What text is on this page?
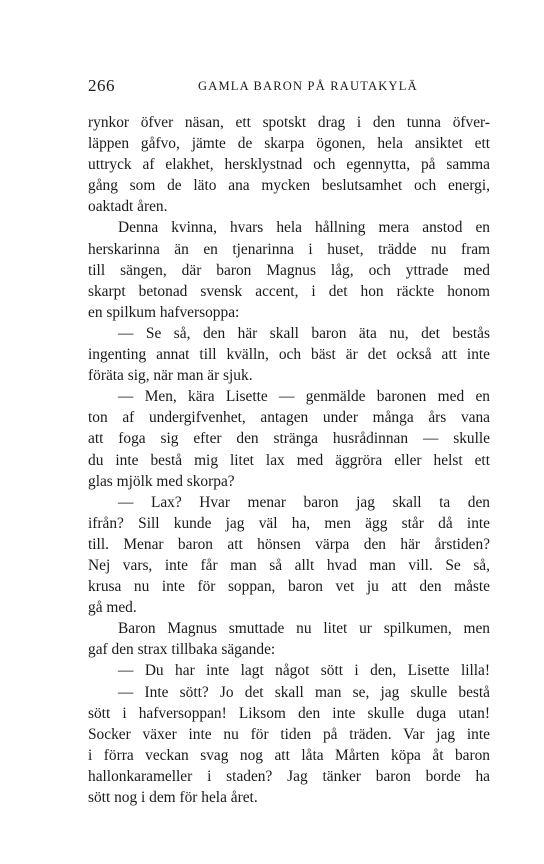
266	GAMLA BARON PÅ RAUTAKYLÄ
rynkor öfver näsan, ett spotskt drag i den tunna öfver-
läppen gåfvo, jämte de skarpa ögonen, hela ansiktet ett
uttryck af elakhet, hersklystnad och egennytta, på samma
gång som de läto ana mycken beslutsamhet och energi,
oaktadt åren.
Denna kvinna, hvars hela hållning mera anstod en
herskarinna än en tjenarinna i huset, trädde nu fram
till sängen, där baron Magnus låg, och yttrade med
skarpt betonad svensk accent, i det hon räckte honom
en spilkum hafversoppa:
— Se så, den här skall baron äta nu, det bestås
ingenting annat till kvälln, och bäst är det också att inte
föräta sig, när man är sjuk.
— Men, kära Lisette — genmälde baronen med en
ton af undergifvenhet, antagen under många års vana
att foga sig efter den stränga husrådinnan — skulle
du inte bestå mig litet lax med äggröra eller helst ett
glas mjölk med skorpa?
— Lax? Hvar menar baron jag skall ta den
ifrån? Sill kunde jag väl ha, men ägg står då inte
till. Menar baron att hönsen värpa den här årstiden?
Nej vars, inte får man så allt hvad man vill. Se så,
krusa nu inte för soppan, baron vet ju att den måste
gå med.
Baron Magnus smuttade nu litet ur spilkumen, men
gaf den strax tillbaka sägande:
— Du har inte lagt något sött i den, Lisette lilla!
— Inte sött? Jo det skall man se, jag skulle bestå
sött i hafversoppan! Liksom den inte skulle duga utan!
Socker växer inte nu för tiden på träden. Var jag inte
i förra veckan svag nog att låta Mårten köpa åt baron
hallonkarameller i staden? Jag tänker baron borde ha
sött nog i dem för hela året.
